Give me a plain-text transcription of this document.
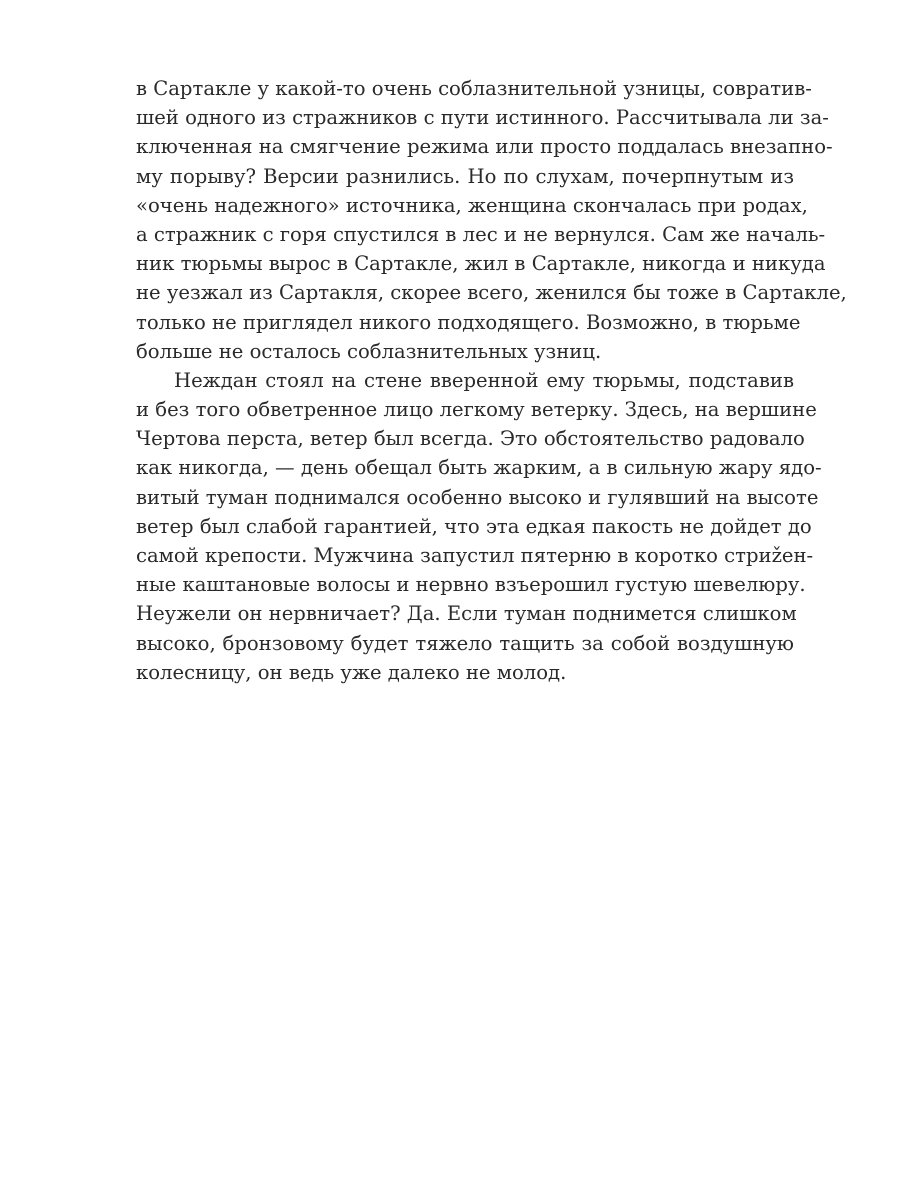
в Сартакле у какой-то очень соблазнительной узницы, совратив-
шей одного из стражников с пути истинного. Рассчитывала ли за-
ключенная на смягчение режима или просто поддалась внезапно-
му порыву? Версии разнились. Но по слухам, почерпнутым из
«очень надежного» источника, женщина скончалась при родах,
а стражник с горя спустился в лес и не вернулся. Сам же началь-
ник тюрьмы вырос в Сартакле, жил в Сартакле, никогда и никуда
не уезжал из Сартакля, скорее всего, женился бы тоже в Сартакле,
только не приглядел никого подходящего. Возможно, в тюрьме
больше не осталось соблазнительных узниц.
Неждан стоял на стене вверенной ему тюрьмы, подставив
и без того обветренное лицо легкому ветерку. Здесь, на вершине
Чертова перста, ветер был всегда. Это обстоятельство радовало
как никогда, — день обещал быть жарким, а в сильную жару ядо-
витый туман поднимался особенно высоко и гулявший на высоте
ветер был слабой гарантией, что эта едкая пакость не дойдет до
самой крепости. Мужчина запустил пятерню в коротко стриžен-
ные каштановые волосы и нервно взъерошил густую шевелюру.
Неужели он нервничает? Да. Если туман поднимется слишком
высоко, бронзовому будет тяжело тащить за собой воздушную
колесницу, он ведь уже далеко не молод.
